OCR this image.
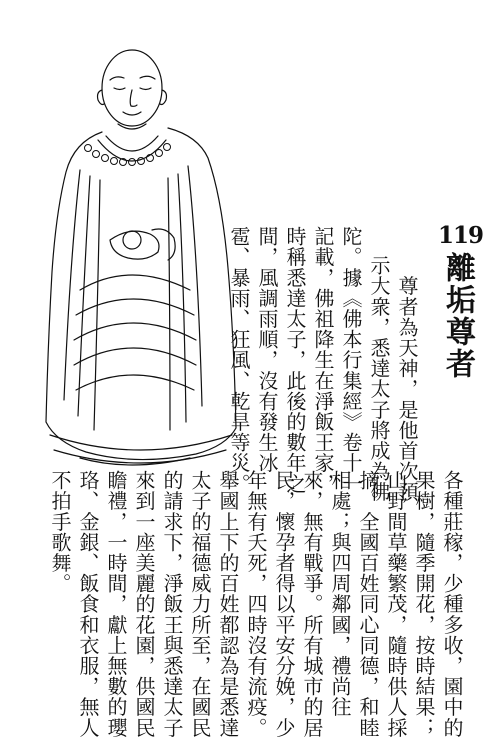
119
離垢尊者
　尊者為天神，是他首次預
示大衆，悉達太子將成為佛
陀。據《佛本行集經》卷十一
記載，佛祖降生在淨飯王家，
時稱悉達太子，此後的數年之
間，風調雨順，沒有發生冰
雹、暴雨、狂風、乾旱等災。
各種莊稼，少種多收，園中的
果樹，隨季開花，按時結果；
山野間草藥繁茂，隨時供人採
摘。全國百姓同心同德，和睦
相處；與四周鄰國，禮尚往
來，無有戰爭。所有城市的居
民，懷孕者得以平安分娩，少
年無有夭死，四時沒有流疫。
舉國上下的百姓都認為是悉達
太子的福德威力所至，在國民
的請求下，淨飯王與悉達太子
來到一座美麗的花園，供國民
瞻禮，一時間，獻上無數的瓔
珞、金銀、飯食和衣服，無人
不拍手歌舞。
